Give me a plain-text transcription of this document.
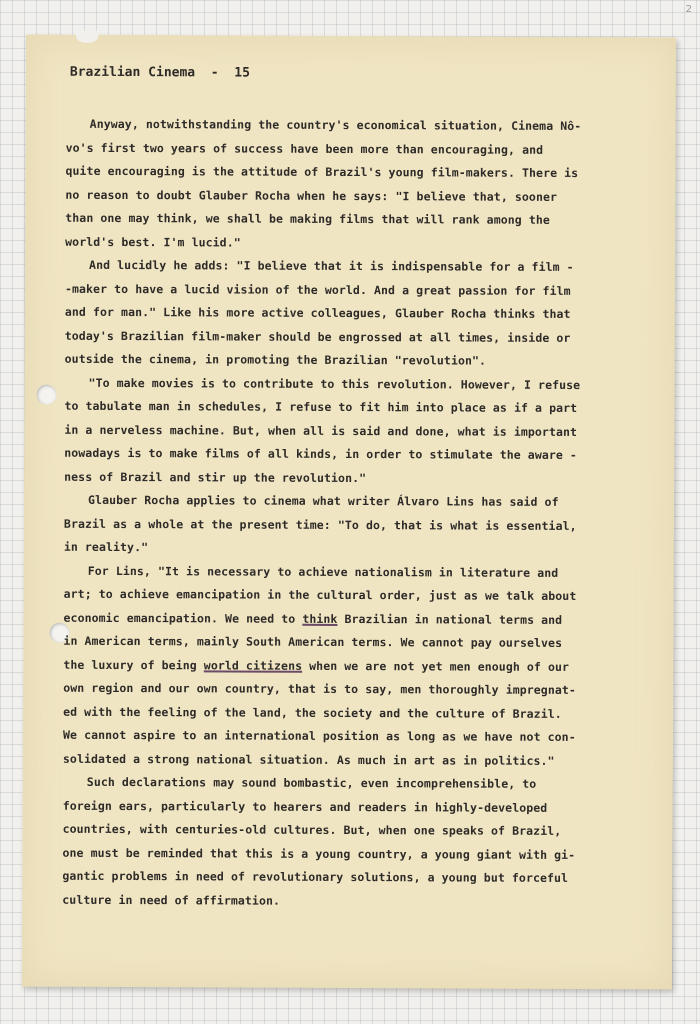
2
Brazilian Cinema  -  15
Anyway, notwithstanding the country's economical situation, Cinema Nô-
vo's first two years of success have been more than encouraging, and
quite encouraging is the attitude of Brazil's young film-makers. There is
no reason to doubt Glauber Rocha when he says: "I believe that, sooner
than one may think, we shall be making films that will rank among the
world's best. I'm lucid."
And lucidly he adds: "I believe that it is indispensable for a film -
-maker to have a lucid vision of the world. And a great passion for film
and for man." Like his more active colleagues, Glauber Rocha thinks that
today's Brazilian film-maker should be engrossed at all times, inside or
outside the cinema, in promoting the Brazilian "revolution".
"To make movies is to contribute to this revolution. However, I refuse
to tabulate man in schedules, I refuse to fit him into place as if a part
in a nerveless machine. But, when all is said and done, what is important
nowadays is to make films of all kinds, in order to stimulate the aware -
ness of Brazil and stir up the revolution."
Glauber Rocha applies to cinema what writer Álvaro Lins has said of
Brazil as a whole at the present time: "To do, that is what is essential,
in reality."
For Lins, "It is necessary to achieve nationalism in literature and
art; to achieve emancipation in the cultural order, just as we talk about
economic emancipation. We need to think Brazilian in national terms and
in American terms, mainly South American terms. We cannot pay ourselves
the luxury of being world citizens when we are not yet men enough of our
own region and our own country, that is to say, men thoroughly impregnat-
ed with the feeling of the land, the society and the culture of Brazil.
We cannot aspire to an international position as long as we have not con-
solidated a strong national situation. As much in art as in politics."
Such declarations may sound bombastic, even incomprehensible, to
foreign ears, particularly to hearers and readers in highly-developed
countries, with centuries-old cultures. But, when one speaks of Brazil,
one must be reminded that this is a young country, a young giant with gi-
gantic problems in need of revolutionary solutions, a young but forceful
culture in need of affirmation.
